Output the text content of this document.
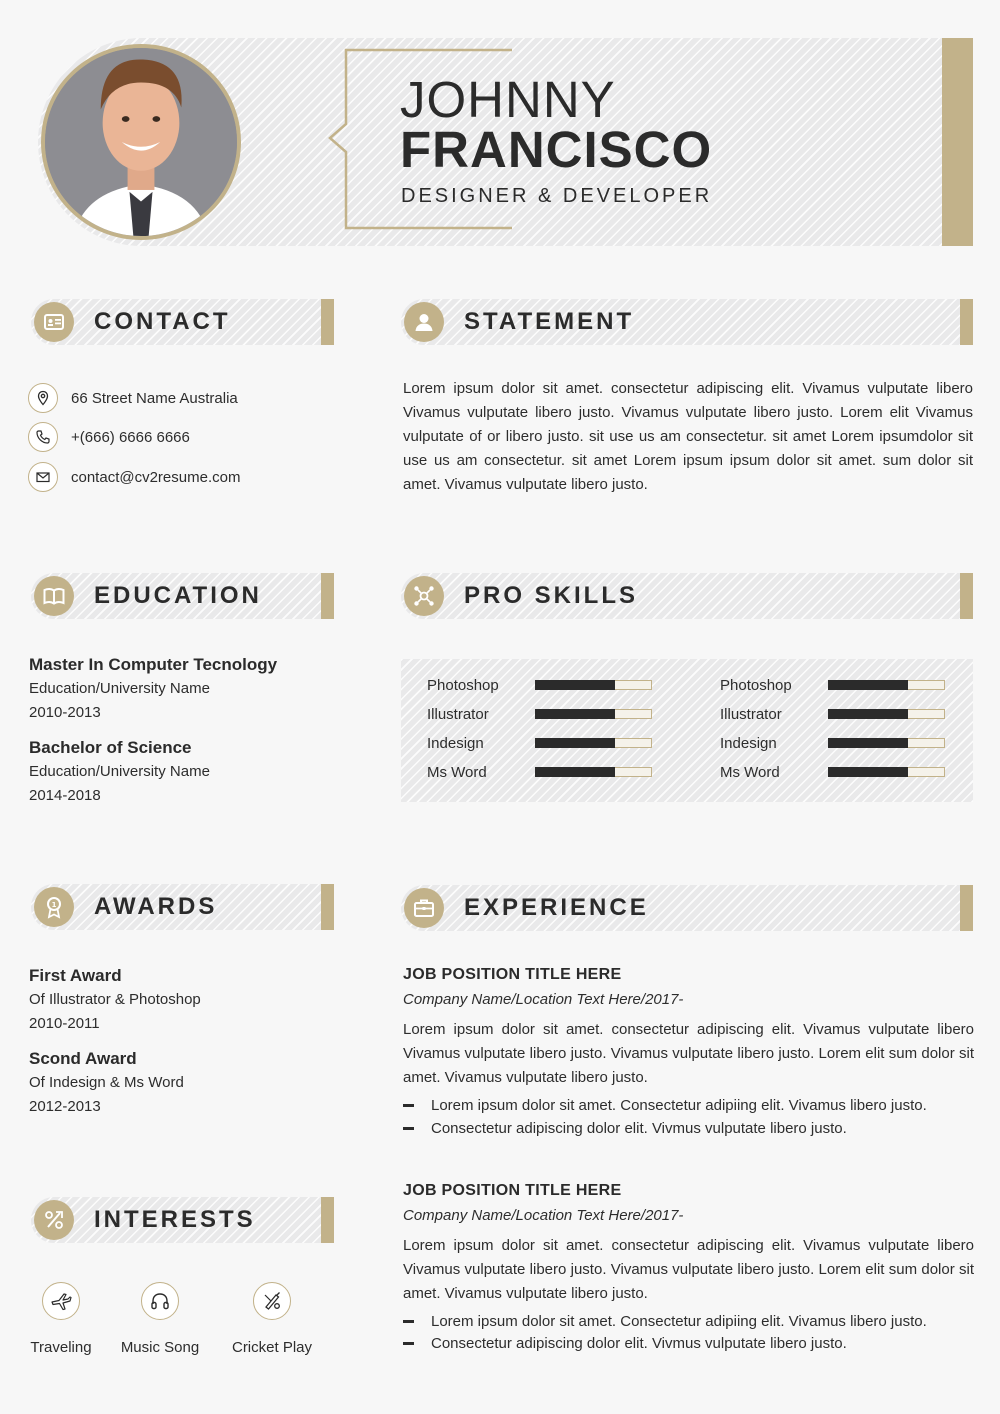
JOHNNY
FRANCISCO
DESIGNER & DEVELOPER
CONTACT
66 Street Name Australia
+(666) 6666 6666
contact@cv2resume.com
STATEMENT
Lorem ipsum dolor sit amet. consectetur adipiscing elit. Vivamus vulputate libero Vivamus vulputate libero justo. Vivamus vulputate libero justo. Lorem elit Vivamus vulputate of or libero justo. sit use us am consectetur. sit amet Lorem ipsumdolor sit use us am consectetur. sit amet Lorem ipsum ipsum dolor sit amet. sum dolor sit amet. Vivamus vulputate libero justo.
EDUCATION
Master In Computer Tecnology
Education/University Name
2010-2013
Bachelor of Science
Education/University Name
2014-2018
PRO SKILLS
Photoshop
Illustrator
Indesign
Ms Word
Photoshop
Illustrator
Indesign
Ms Word
1 AWARDS
First Award
Of Illustrator & Photoshop
2010-2011
Scond Award
Of Indesign & Ms Word
2012-2013
EXPERIENCE
JOB POSITION TITLE HERE
Company Name/Location Text Here/2017-
Lorem ipsum dolor sit amet. consectetur adipiscing elit. Vivamus vulputate libero Vivamus vulputate libero justo. Vivamus vulputate libero justo. Lorem elit sum dolor sit amet. Vivamus vulputate libero justo.
Lorem ipsum dolor sit amet. Consectetur adipiing elit. Vivamus libero justo.
Consectetur adipiscing dolor elit. Vivmus vulputate libero justo.
JOB POSITION TITLE HERE
Company Name/Location Text Here/2017-
Lorem ipsum dolor sit amet. consectetur adipiscing elit. Vivamus vulputate libero Vivamus vulputate libero justo. Vivamus vulputate libero justo. Lorem elit sum dolor sit amet. Vivamus vulputate libero justo.
Lorem ipsum dolor sit amet. Consectetur adipiing elit. Vivamus libero justo.
Consectetur adipiscing dolor elit. Vivmus vulputate libero justo.
INTERESTS
Traveling	Music Song	Cricket Play
